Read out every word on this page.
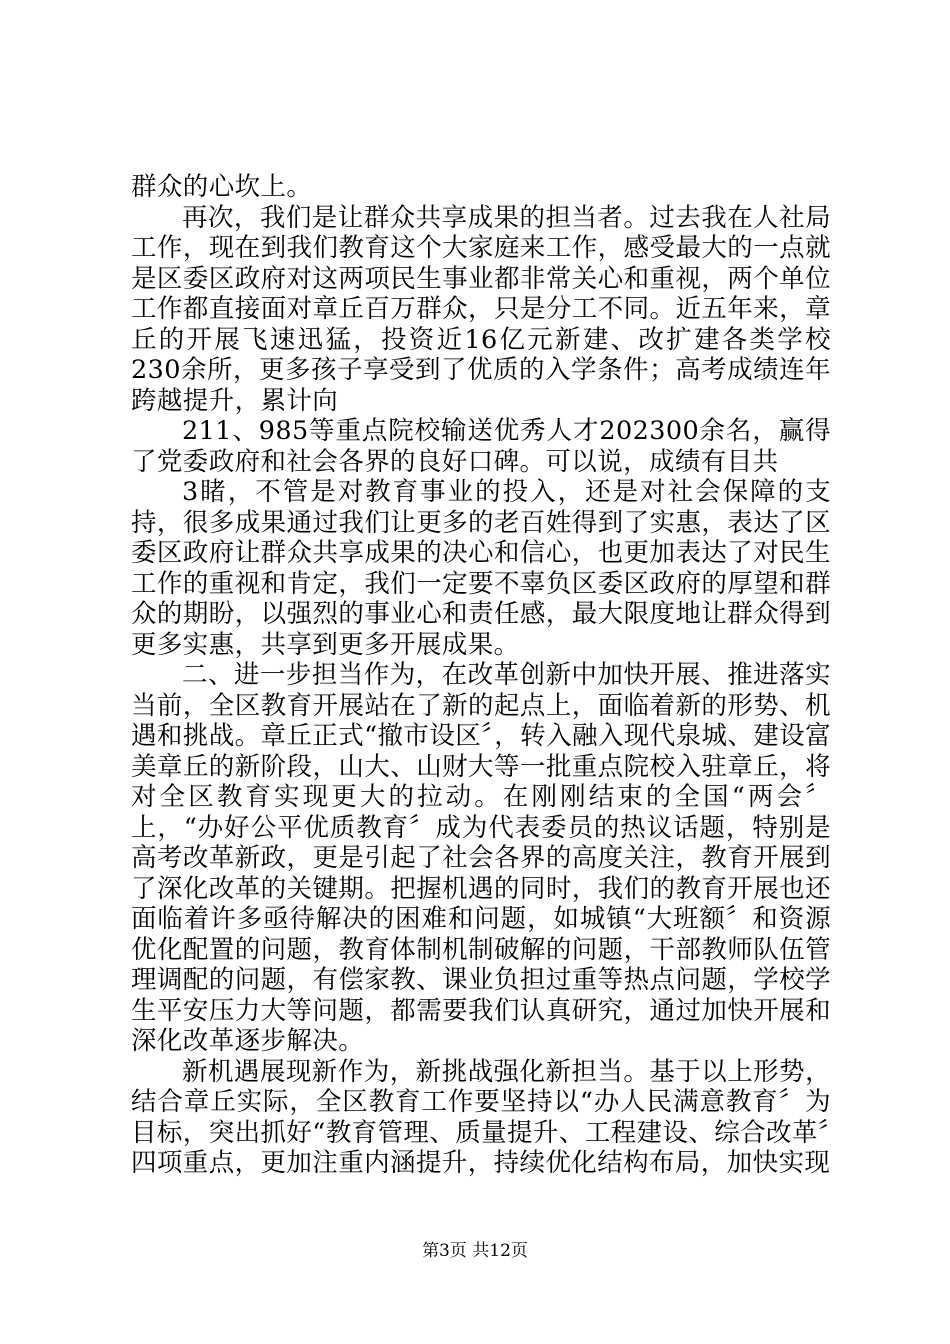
群众的心坎上。

再次，我们是让群众共享成果的担当者。过去我在人社局工作，现在到我们教育这个大家庭来工作，感受最大的一点就是区委区政府对这两项民生事业都非常关心和重视，两个单位工作都直接面对章丘百万群众，只是分工不同。近五年来，章丘的开展飞速迅猛，投资近16亿元新建、改扩建各类学校230余所，更多孩子享受到了优质的入学条件；高考成绩连年跨越提升，累计向

211、985等重点院校输送优秀人才202300余名，赢得了党委政府和社会各界的良好口碑。可以说，成绩有目共

3睹，不管是对教育事业的投入，还是对社会保障的支持，很多成果通过我们让更多的老百姓得到了实惠，表达了区委区政府让群众共享成果的决心和信心，也更加表达了对民生工作的重视和肯定，我们一定要不辜负区委区政府的厚望和群众的期盼，以强烈的事业心和责任感，最大限度地让群众得到更多实惠，共享到更多开展成果。

二、进一步担当作为，在改革创新中加快开展、推进落实当前，全区教育开展站在了新的起点上，面临着新的形势、机遇和挑战。章丘正式“撤市设区〞，转入融入现代泉城、建设富美章丘的新阶段，山大、山财大等一批重点院校入驻章丘，将对全区教育实现更大的拉动。在刚刚结束的全国“两会〞上，“办好公平优质教育〞成为代表委员的热议话题，特别是高考改革新政，更是引起了社会各界的高度关注，教育开展到了深化改革的关键期。把握机遇的同时，我们的教育开展也还面临着许多亟待解决的困难和问题，如城镇“大班额〞和资源优化配置的问题，教育体制机制破解的问题，干部教师队伍管理调配的问题，有偿家教、课业负担过重等热点问题，学校学生平安压力大等问题，都需要我们认真研究，通过加快开展和深化改革逐步解决。

新机遇展现新作为，新挑战强化新担当。基于以上形势，结合章丘实际，全区教育工作要坚持以“办人民满意教育〞为目标，突出抓好“教育管理、质量提升、工程建设、综合改革〞四项重点，更加注重内涵提升，持续优化结构布局，加快实现

第3页 共12页
